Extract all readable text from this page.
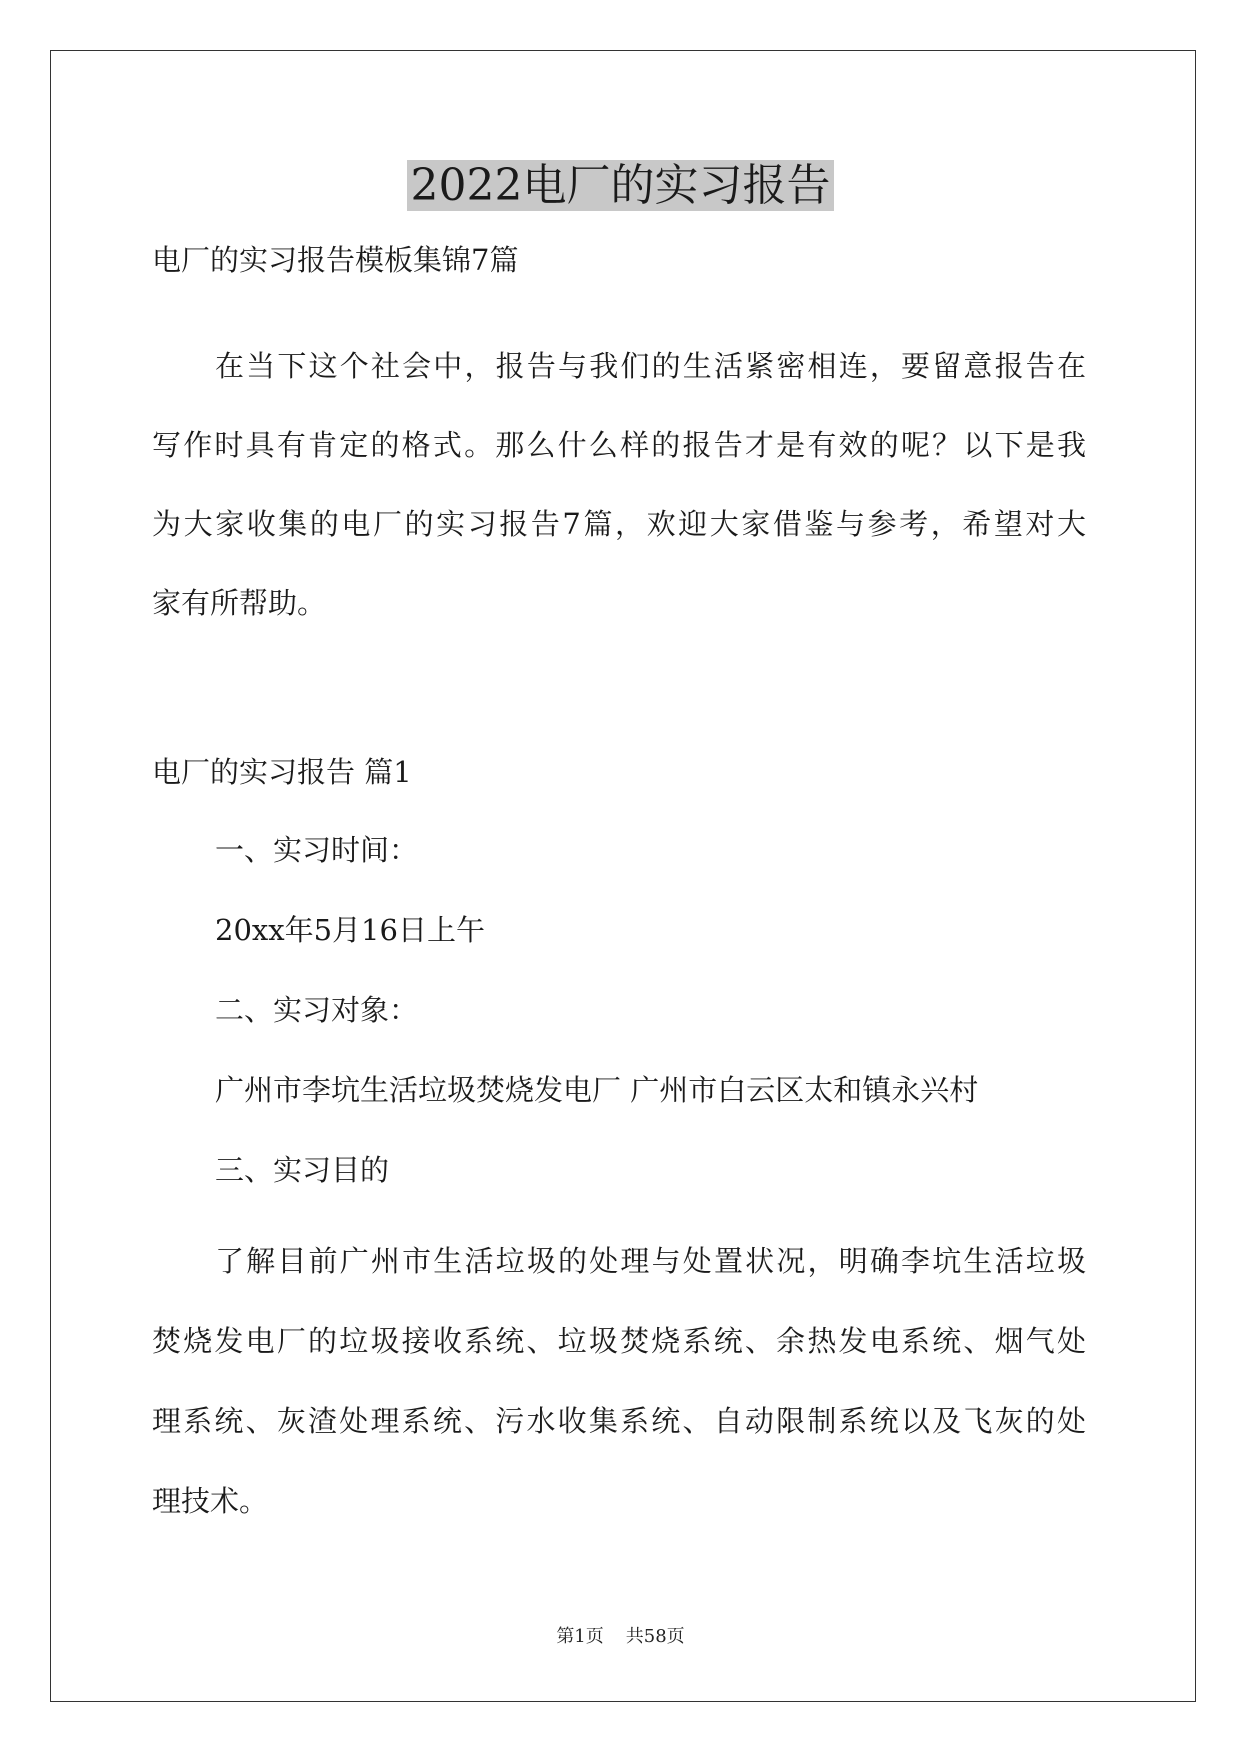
2022电厂的实习报告

电厂的实习报告模板集锦7篇

在当下这个社会中，报告与我们的生活紧密相连，要留意报告在

写作时具有肯定的格式。那么什么样的报告才是有效的呢？以下是我

为大家收集的电厂的实习报告7篇，欢迎大家借鉴与参考，希望对大

家有所帮助。

电厂的实习报告 篇1

一、实习时间：

20xx年5月16日上午

二、实习对象：

广州市李坑生活垃圾焚烧发电厂 广州市白云区太和镇永兴村

三、实习目的

了解目前广州市生活垃圾的处理与处置状况，明确李坑生活垃圾

焚烧发电厂的垃圾接收系统、垃圾焚烧系统、余热发电系统、烟气处

理系统、灰渣处理系统、污水收集系统、自动限制系统以及飞灰的处

理技术。

第1页 共58页
